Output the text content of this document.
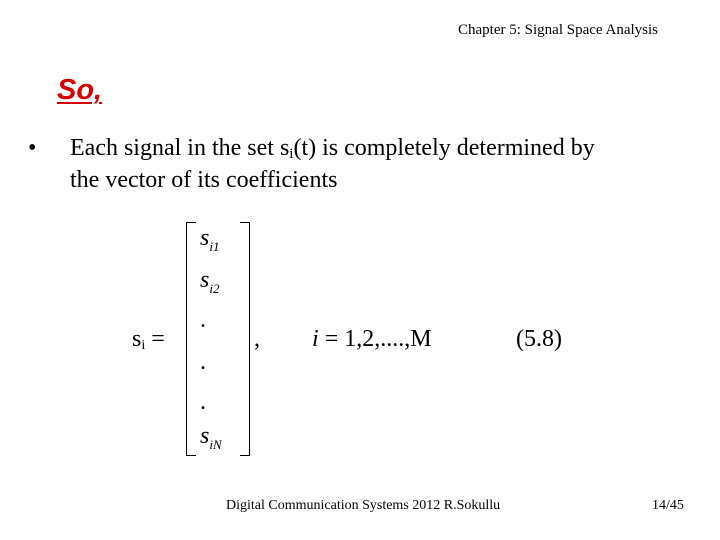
Chapter 5: Signal Space Analysis
So,
• Each signal in the set $s_i(t)$ is completely determined by the vector of its coefficients
$s_i$ =
$s_{i1}$
$s_{i2}$
.
.
.
$s_{iN}$
, i = 1,2,....,M	(5.8)
Digital Communication Systems 2012 R.Sokullu	14/45
